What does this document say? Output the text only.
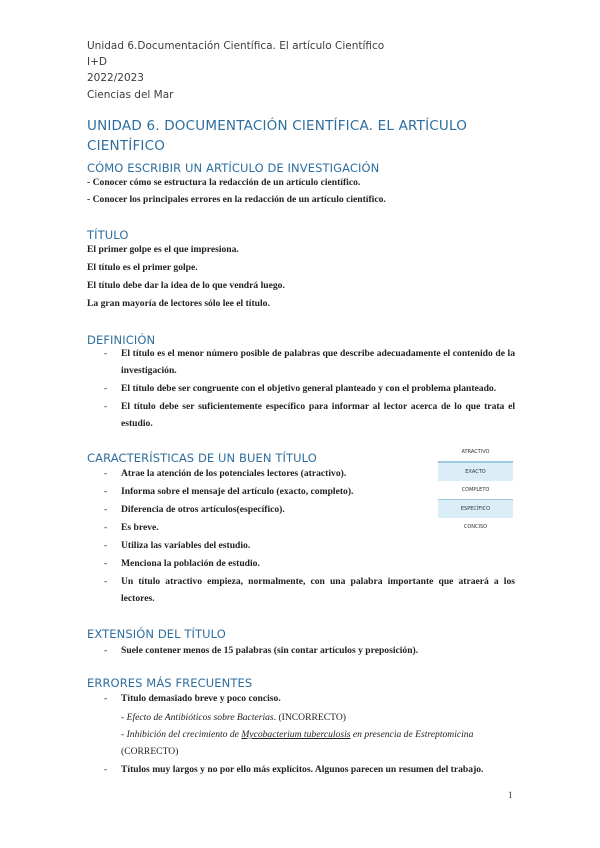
Unidad 6.Documentación Científica. El artículo Científico
I+D
2022/2023
Ciencias del Mar
UNIDAD 6. DOCUMENTACIÓN CIENTÍFICA. EL ARTÍCULO
CIENTÍFICO
CÓMO ESCRIBIR UN ARTÍCULO DE INVESTIGACIÓN
- Conocer cómo se estructura la redacción de un artículo científico.
- Conocer los principales errores en la redacción de un artículo científico.
TÍTULO
El primer golpe es el que impresiona.
El título es el primer golpe.
El título debe dar la idea de lo que vendrá luego.
La gran mayoría de lectores sólo lee el título.
DEFINICIÓN
- El título es el menor número posible de palabras que describe adecuadamente el contenido de la investigación.
- El título debe ser congruente con el objetivo general planteado y con el problema planteado.
- El título debe ser suficientemente específico para informar al lector acerca de lo que trata el estudio.
CARACTERÍSTICAS DE UN BUEN TÍTULO
- Atrae la atención de los potenciales lectores (atractivo).
- Informa sobre el mensaje del artículo (exacto, completo).
- Diferencia de otros artículos(específico).
- Es breve.
- Utiliza las variables del estudio.
- Menciona la población de estudio.
- Un título atractivo empieza, normalmente, con una palabra importante que atraerá a los lectores.
ATRACTIVO
EXACTO
COMPLETO
ESPECÍFICO
CONCISO
EXTENSIÓN DEL TÍTULO
- Suele contener menos de 15 palabras (sin contar artículos y preposición).
ERRORES MÁS FRECUENTES
- Título demasiado breve y poco conciso.
- Efecto de Antibióticos sobre Bacterias. (INCORRECTO)
- Inhibición del crecimiento de Mycobacterium tuberculosis en presencia de Estreptomicina
(CORRECTO)
- Títulos muy largos y no por ello más explícitos. Algunos parecen un resumen del trabajo.
1
